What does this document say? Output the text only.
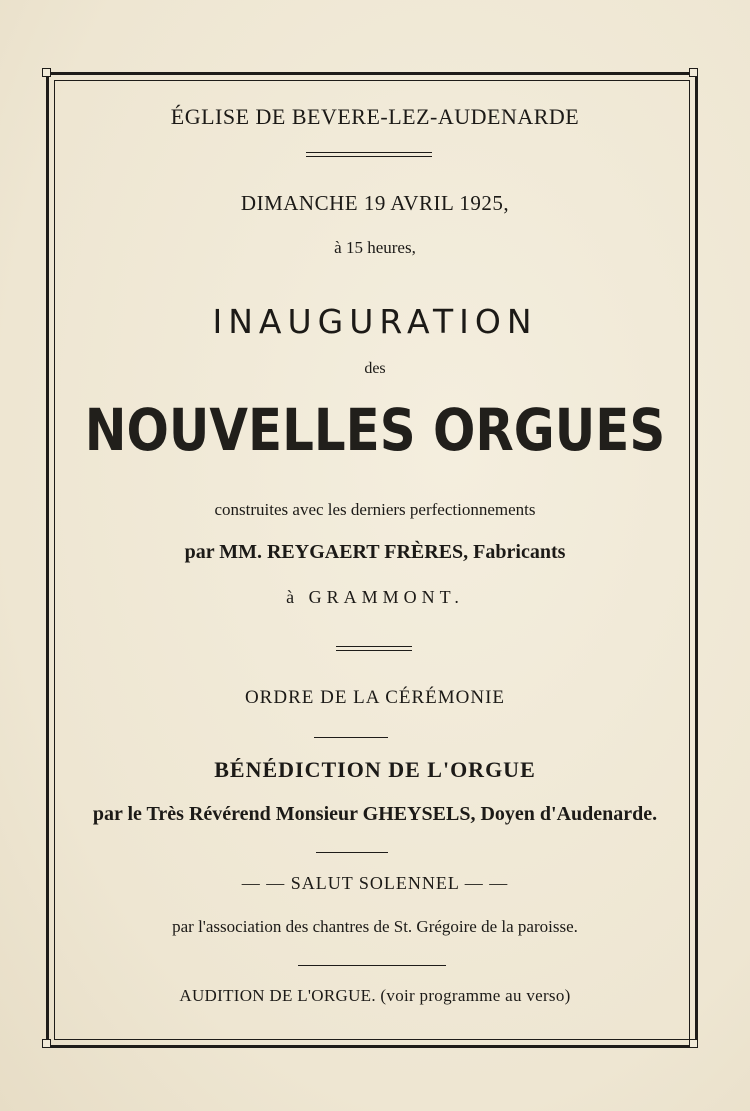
ÉGLISE DE BEVERE-LEZ-AUDENARDE
DIMANCHE 19 AVRIL 1925,
à 15 heures,
INAUGURATION
des
NOUVELLES ORGUES
construites avec les derniers perfectionnements
par MM. REYGAERT FRÈRES, Fabricants
à GRAMMONT.
ORDRE DE LA CÉRÉMONIE
BÉNÉDICTION DE L'ORGUE
par le Très Révérend Monsieur GHEYSELS, Doyen d'Audenarde.
— — SALUT SOLENNEL — —
par l'association des chantres de St. Grégoire de la paroisse.
AUDITION DE L'ORGUE. (voir programme au verso)
